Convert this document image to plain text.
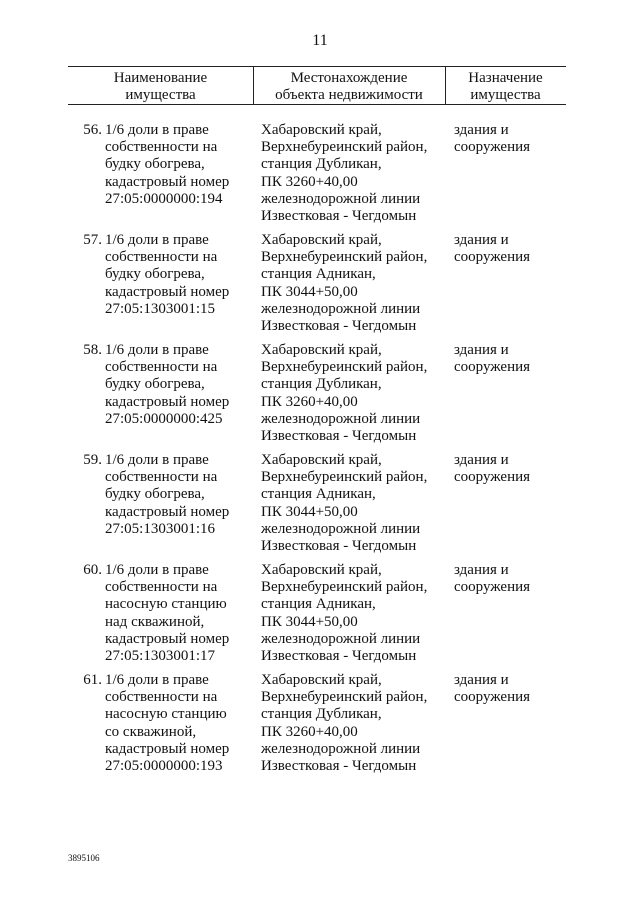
11
Наименование
имущества
Местонахождение
объекта недвижимости
Назначение
имущества
56. 1/6 доли в праве
собственности на
будку обогрева,
кадастровый номер
27:05:0000000:194
Хабаровский край,
Верхнебуреинский район,
станция Дубликан,
ПК 3260+40,00
железнодорожной линии
Известковая - Чегдомын
здания и
сооружения
57. 1/6 доли в праве
собственности на
будку обогрева,
кадастровый номер
27:05:1303001:15
Хабаровский край,
Верхнебуреинский район,
станция Адникан,
ПК 3044+50,00
железнодорожной линии
Известковая - Чегдомын
здания и
сооружения
58. 1/6 доли в праве
собственности на
будку обогрева,
кадастровый номер
27:05:0000000:425
Хабаровский край,
Верхнебуреинский район,
станция Дубликан,
ПК 3260+40,00
железнодорожной линии
Известковая - Чегдомын
здания и
сооружения
59. 1/6 доли в праве
собственности на
будку обогрева,
кадастровый номер
27:05:1303001:16
Хабаровский край,
Верхнебуреинский район,
станция Адникан,
ПК 3044+50,00
железнодорожной линии
Известковая - Чегдомын
здания и
сооружения
60. 1/6 доли в праве
собственности на
насосную станцию
над скважиной,
кадастровый номер
27:05:1303001:17
Хабаровский край,
Верхнебуреинский район,
станция Адникан,
ПК 3044+50,00
железнодорожной линии
Известковая - Чегдомын
здания и
сооружения
61. 1/6 доли в праве
собственности на
насосную станцию
со скважиной,
кадастровый номер
27:05:0000000:193
Хабаровский край,
Верхнебуреинский район,
станция Дубликан,
ПК 3260+40,00
железнодорожной линии
Известковая - Чегдомын
здания и
сооружения
3895106
